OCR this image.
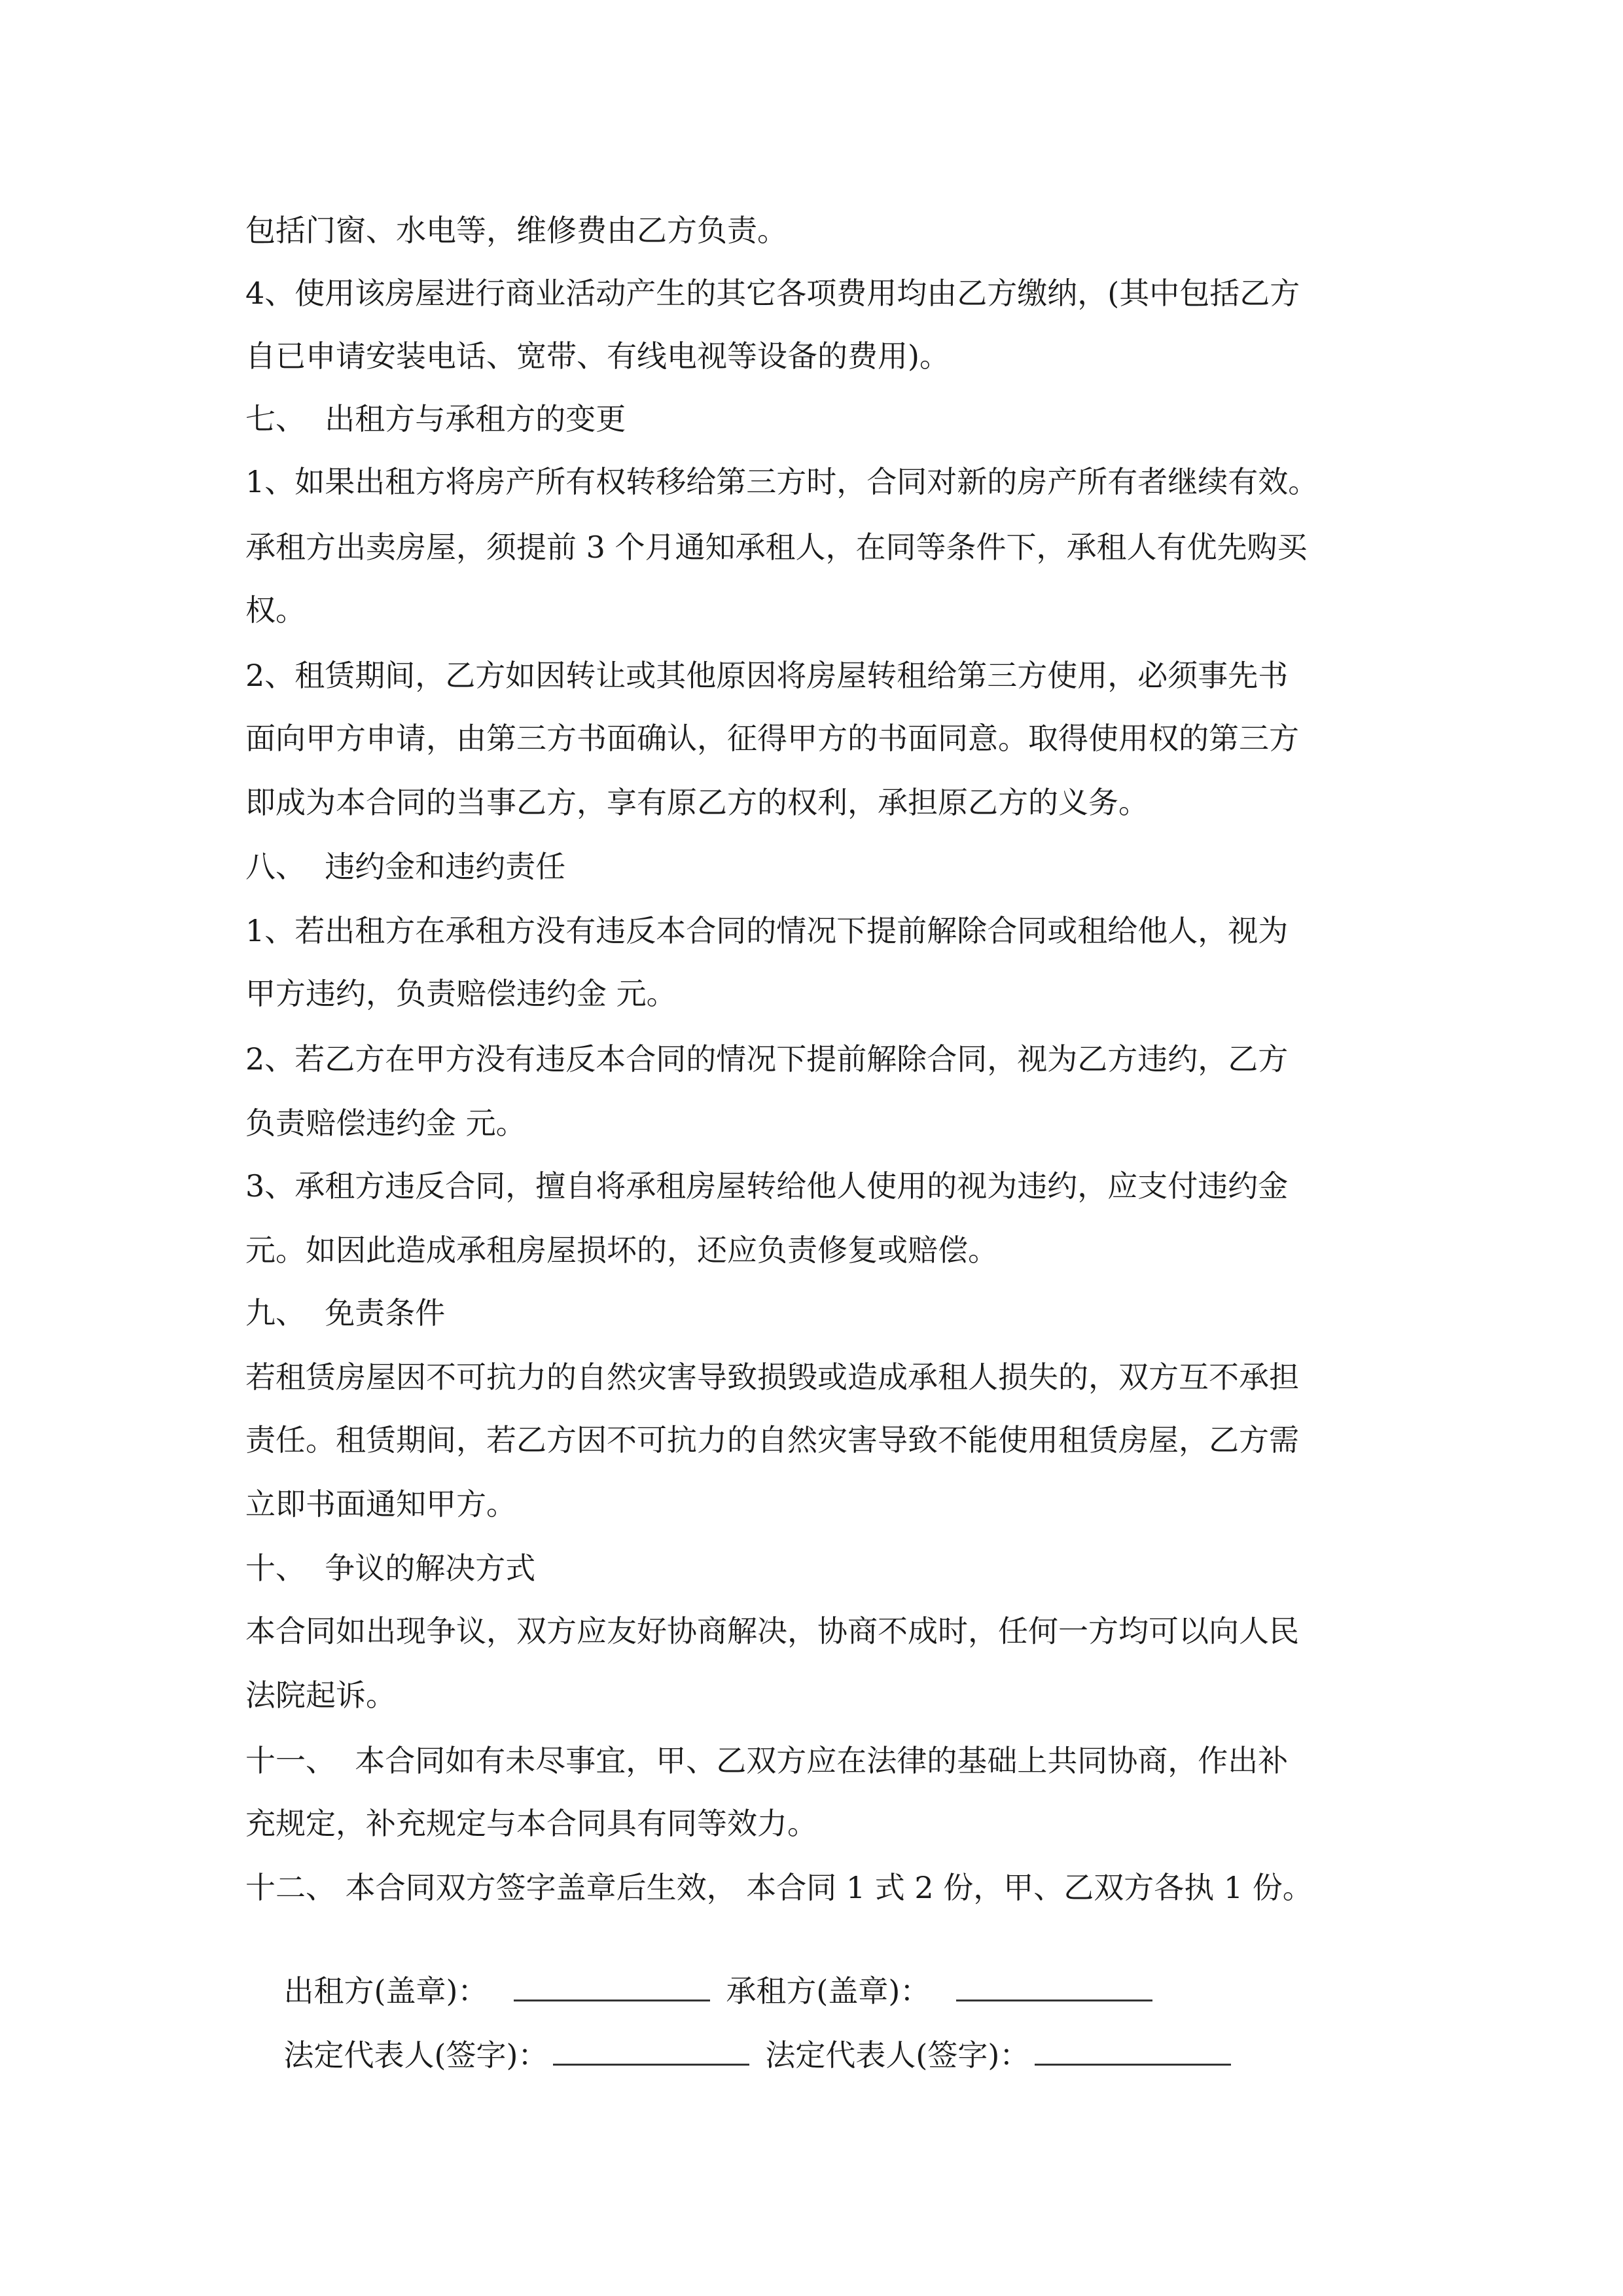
包括门窗、水电等，维修费由乙方负责。

4、使用该房屋进行商业活动产生的其它各项费用均由乙方缴纳，(其中包括乙方

自已申请安装电话、宽带、有线电视等设备的费用)。

七、  出租方与承租方的变更

1、如果出租方将房产所有权转移给第三方时，合同对新的房产所有者继续有效。

承租方出卖房屋，须提前 3 个月通知承租人，在同等条件下，承租人有优先购买

权。

2、租赁期间，乙方如因转让或其他原因将房屋转租给第三方使用，必须事先书

面向甲方申请，由第三方书面确认，征得甲方的书面同意。取得使用权的第三方

即成为本合同的当事乙方，享有原乙方的权利，承担原乙方的义务。

八、  违约金和违约责任

1、若出租方在承租方没有违反本合同的情况下提前解除合同或租给他人，视为

甲方违约，负责赔偿违约金 元。

2、若乙方在甲方没有违反本合同的情况下提前解除合同，视为乙方违约，乙方

负责赔偿违约金 元。

3、承租方违反合同，擅自将承租房屋转给他人使用的视为违约，应支付违约金

元。如因此造成承租房屋损坏的，还应负责修复或赔偿。

九、  免责条件

若租赁房屋因不可抗力的自然灾害导致损毁或造成承租人损失的，双方互不承担

责任。租赁期间，若乙方因不可抗力的自然灾害导致不能使用租赁房屋，乙方需

立即书面通知甲方。

十、  争议的解决方式

本合同如出现争议，双方应友好协商解决，协商不成时，任何一方均可以向人民

法院起诉。

十一、  本合同如有未尽事宜，甲、乙双方应在法律的基础上共同协商，作出补

充规定，补充规定与本合同具有同等效力。

十二、 本合同双方签字盖章后生效， 本合同 1 式 2 份，甲、乙双方各执 1 份。

出租方(盖章)：	承租方(盖章)：

法定代表人(签字)：	法定代表人(签字)：
